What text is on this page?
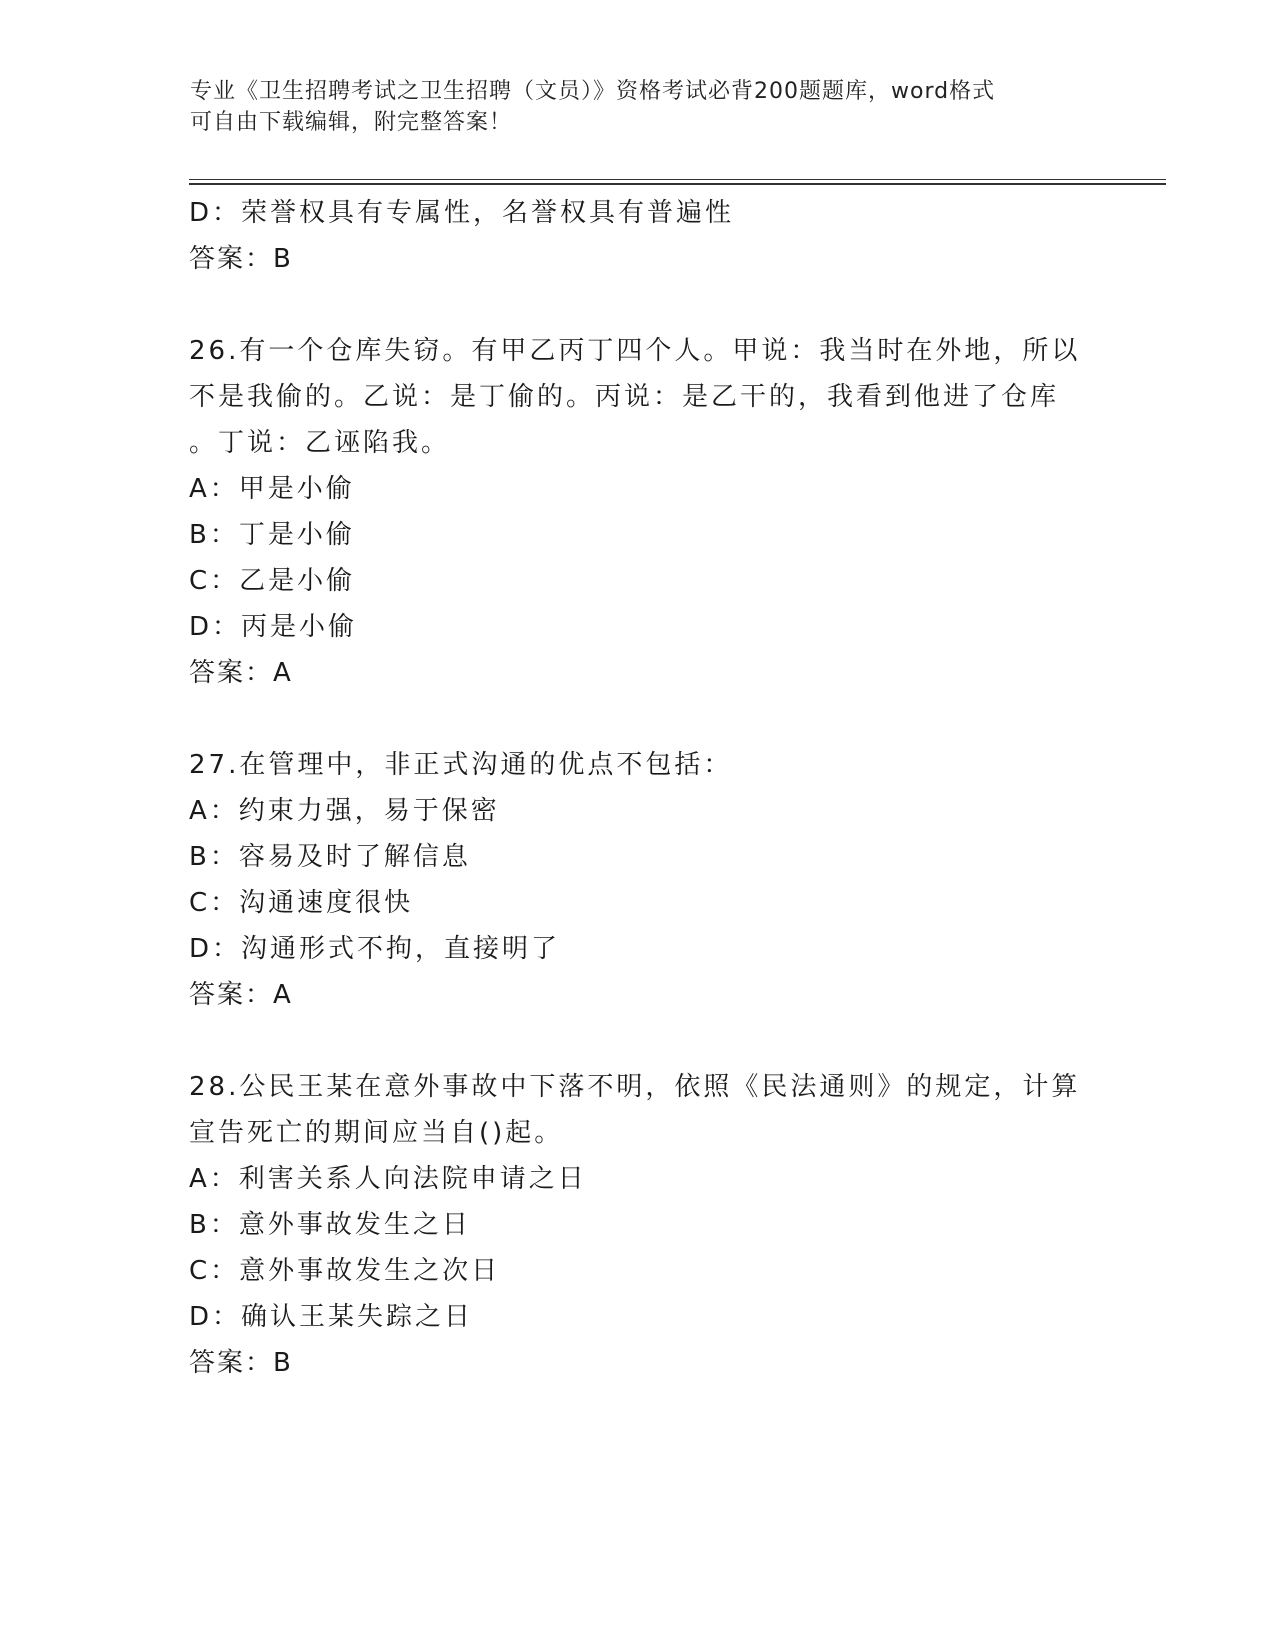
专业《卫生招聘考试之卫生招聘（文员）》资格考试必背200题题库，word格式
可自由下载编辑，附完整答案！
D：荣誉权具有专属性，名誉权具有普遍性
答案：B
26.有一个仓库失窃。有甲乙丙丁四个人。甲说：我当时在外地，所以
不是我偷的。乙说：是丁偷的。丙说：是乙干的，我看到他进了仓库
。丁说：乙诬陷我。
A：甲是小偷
B：丁是小偷
C：乙是小偷
D：丙是小偷
答案：A
27.在管理中，非正式沟通的优点不包括：
A：约束力强，易于保密
B：容易及时了解信息
C：沟通速度很快
D：沟通形式不拘，直接明了
答案：A
28.公民王某在意外事故中下落不明，依照《民法通则》的规定，计算
宣告死亡的期间应当自()起。
A：利害关系人向法院申请之日
B：意外事故发生之日
C：意外事故发生之次日
D：确认王某失踪之日
答案：B
